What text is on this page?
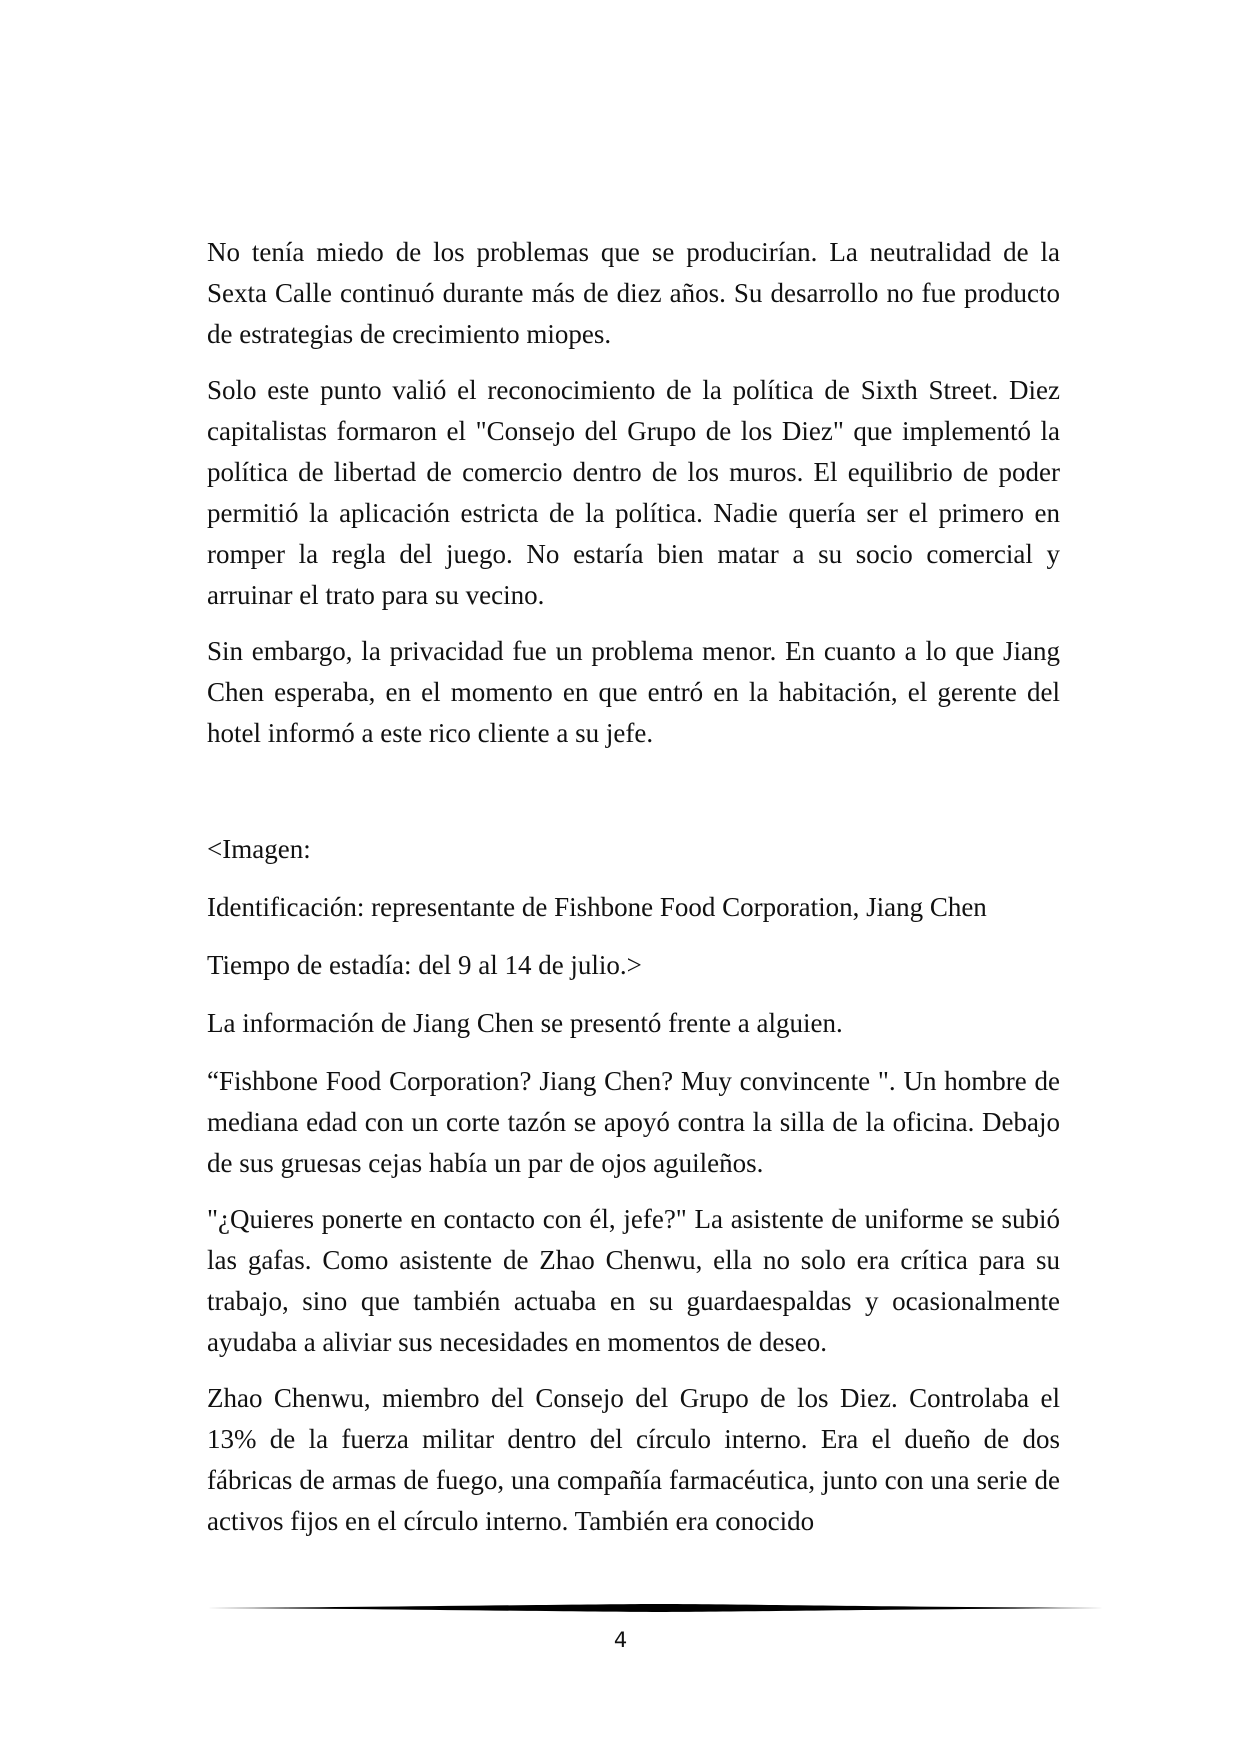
No tenía miedo de los problemas que se producirían. La neutralidad de la Sexta Calle continuó durante más de diez años. Su desarrollo no fue producto de estrategias de crecimiento miopes.

Solo este punto valió el reconocimiento de la política de Sixth Street. Diez capitalistas formaron el "Consejo del Grupo de los Diez" que implementó la política de libertad de comercio dentro de los muros. El equilibrio de poder permitió la aplicación estricta de la política. Nadie quería ser el primero en romper la regla del juego. No estaría bien matar a su socio comercial y arruinar el trato para su vecino.

Sin embargo, la privacidad fue un problema menor. En cuanto a lo que Jiang Chen esperaba, en el momento en que entró en la habitación, el gerente del hotel informó a este rico cliente a su jefe.

<Imagen:

Identificación: representante de Fishbone Food Corporation, Jiang Chen

Tiempo de estadía: del 9 al 14 de julio.>

La información de Jiang Chen se presentó frente a alguien.

“Fishbone Food Corporation? Jiang Chen? Muy convincente ". Un hombre de mediana edad con un corte tazón se apoyó contra la silla de la oficina. Debajo de sus gruesas cejas había un par de ojos aguileños.

"¿Quieres ponerte en contacto con él, jefe?" La asistente de uniforme se subió las gafas. Como asistente de Zhao Chenwu, ella no solo era crítica para su trabajo, sino que también actuaba en su guardaespaldas y ocasionalmente ayudaba a aliviar sus necesidades en momentos de deseo.

Zhao Chenwu, miembro del Consejo del Grupo de los Diez. Controlaba el 13% de la fuerza militar dentro del círculo interno. Era el dueño de dos fábricas de armas de fuego, una compañía farmacéutica, junto con una serie de activos fijos en el círculo interno. También era conocido

4
